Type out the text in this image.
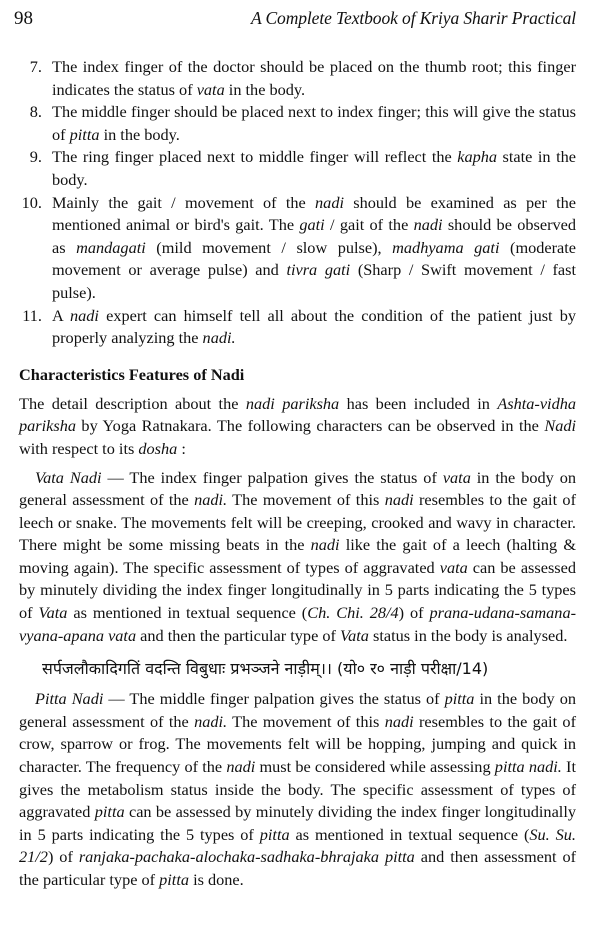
98	A Complete Textbook of Kriya Sharir Practical
7. The index finger of the doctor should be placed on the thumb root; this finger indicates the status of vata in the body.
8. The middle finger should be placed next to index finger; this will give the status of pitta in the body.
9. The ring finger placed next to middle finger will reflect the kapha state in the body.
10. Mainly the gait / movement of the nadi should be examined as per the mentioned animal or bird's gait. The gati / gait of the nadi should be observed as mandagati (mild movement / slow pulse), madhyama gati (moderate movement or average pulse) and tivra gati (Sharp / Swift movement / fast pulse).
11. A nadi expert can himself tell all about the condition of the patient just by properly analyzing the nadi.
Characteristics Features of Nadi

The detail description about the nadi pariksha has been included in Ashta-vidha pariksha by Yoga Ratnakara. The following characters can be observed in the Nadi with respect to its dosha :

Vata Nadi — The index finger palpation gives the status of vata in the body on general assessment of the nadi. The movement of this nadi resembles to the gait of leech or snake. The movements felt will be creeping, crooked and wavy in character. There might be some missing beats in the nadi like the gait of a leech (halting & moving again). The specific assessment of types of aggravated vata can be assessed by minutely dividing the index finger longitudinally in 5 parts indicating the 5 types of Vata as mentioned in textual sequence (Ch. Chi. 28/4) of prana-udana-samana-vyana-apana vata and then the particular type of Vata status in the body is analysed.

सर्पजलौकादिगतिं वदन्ति विबुधाः प्रभञ्जने नाड़ीम्।। (यो० र० नाड़ी परीक्षा/14)

Pitta Nadi — The middle finger palpation gives the status of pitta in the body on general assessment of the nadi. The movement of this nadi resembles to the gait of crow, sparrow or frog. The movements felt will be hopping, jumping and quick in character. The frequency of the nadi must be considered while assessing pitta nadi. It gives the metabolism status inside the body. The specific assessment of types of aggravated pitta can be assessed by minutely dividing the index finger longitudinally in 5 parts indicating the 5 types of pitta as mentioned in textual sequence (Su. Su. 21/2) of ranjaka-pachaka-alochaka-sadhaka-bhrajaka pitta and then assessment of the particular type of pitta is done.
